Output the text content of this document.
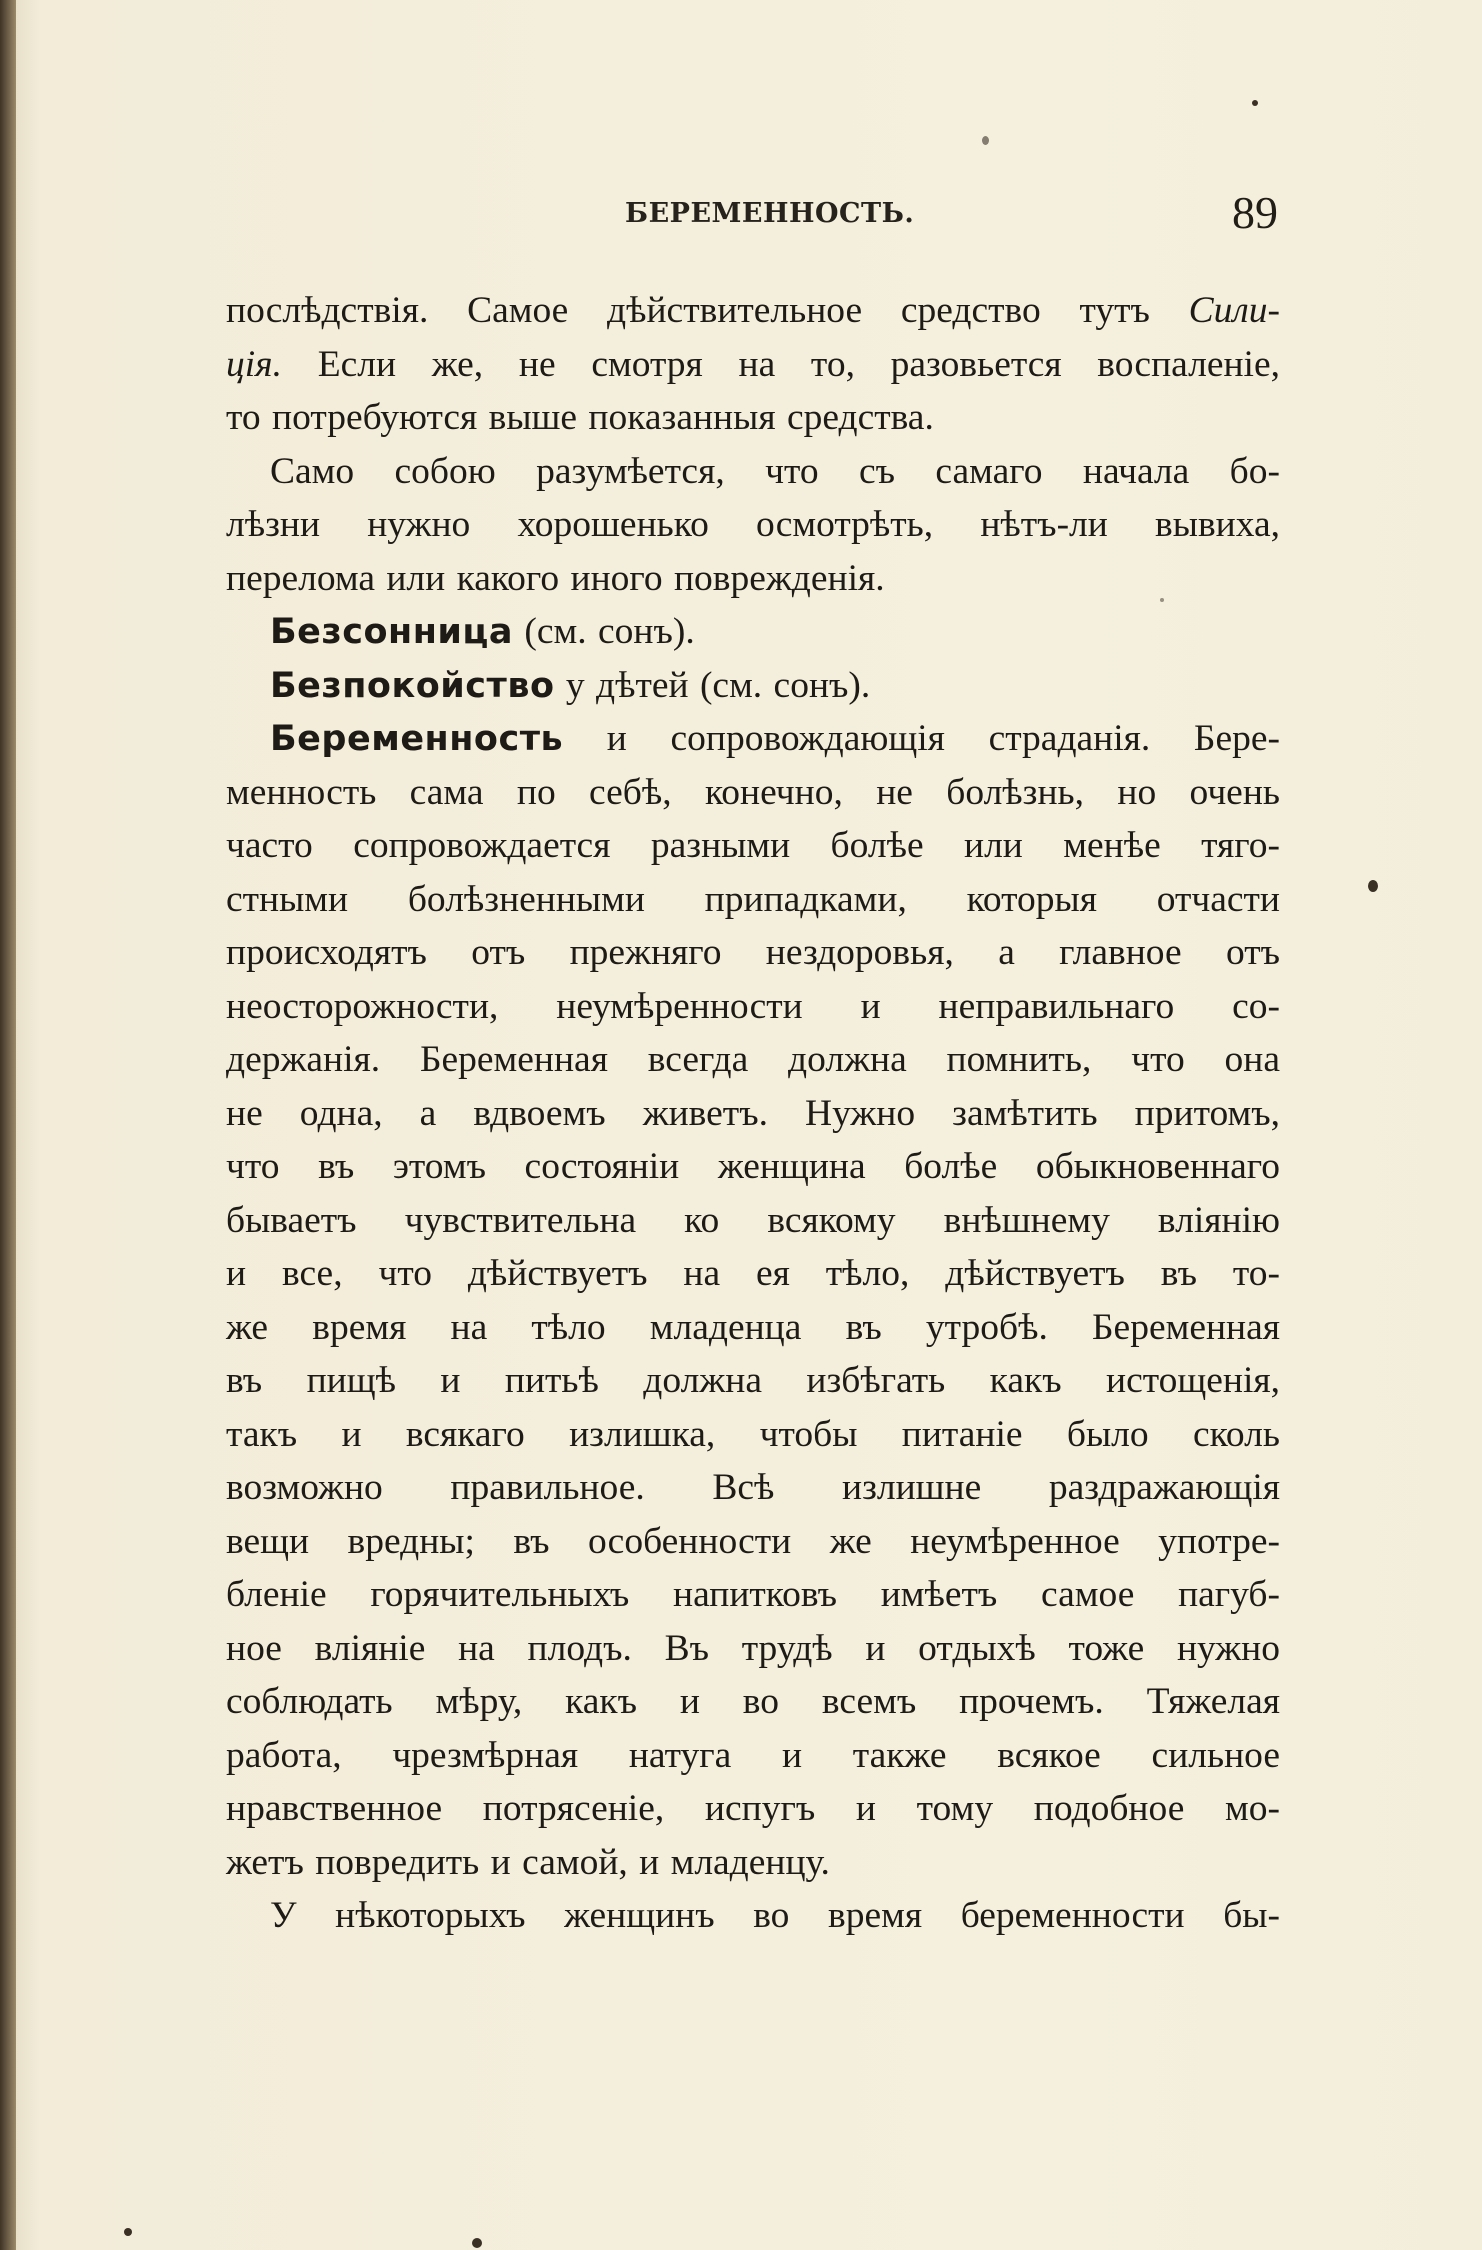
БЕРЕМЕННОСТЬ.	89
послѣдствія. Самое дѣйствительное средство тутъ Сили-
ція. Если же, не смотря на то, разовьется воспаленіе,
то потребуются выше показанныя средства.
Само собою разумѣется, что съ самаго начала бо-
лѣзни нужно хорошенько осмотрѣть, нѣтъ-ли вывиха,
перелома или какого иного поврежденія.
Безсонница (см. сонъ).
Безпокойство у дѣтей (см. сонъ).
Беременность и сопровождающія страданія. Бере-
менность сама по себѣ, конечно, не болѣзнь, но очень
часто сопровождается разными болѣе или менѣе тяго-
стными болѣзненными припадками, которыя отчасти
происходятъ отъ прежняго нездоровья, а главное отъ
неосторожности, неумѣренности и неправильнаго со-
держанія. Беременная всегда должна помнить, что она
не одна, а вдвоемъ живетъ. Нужно замѣтить притомъ,
что въ этомъ состояніи женщина болѣе обыкновеннаго
бываетъ чувствительна ко всякому внѣшнему вліянію
и все, что дѣйствуетъ на ея тѣло, дѣйствуетъ въ то-
же время на тѣло младенца въ утробѣ. Беременная
въ пищѣ и питьѣ должна избѣгать какъ истощенія,
такъ и всякаго излишка, чтобы питаніе было сколь
возможно правильное. Всѣ излишне раздражающія
вещи вредны; въ особенности же неумѣренное употре-
бленіе горячительныхъ напитковъ имѣетъ самое пагуб-
ное вліяніе на плодъ. Въ трудѣ и отдыхѣ тоже нужно
соблюдать мѣру, какъ и во всемъ прочемъ. Тяжелая
работа, чрезмѣрная натуга и также всякое сильное
нравственное потрясеніе, испугъ и тому подобное мо-
жетъ повредить и самой, и младенцу.
У нѣкоторыхъ женщинъ во время беременности бы-
